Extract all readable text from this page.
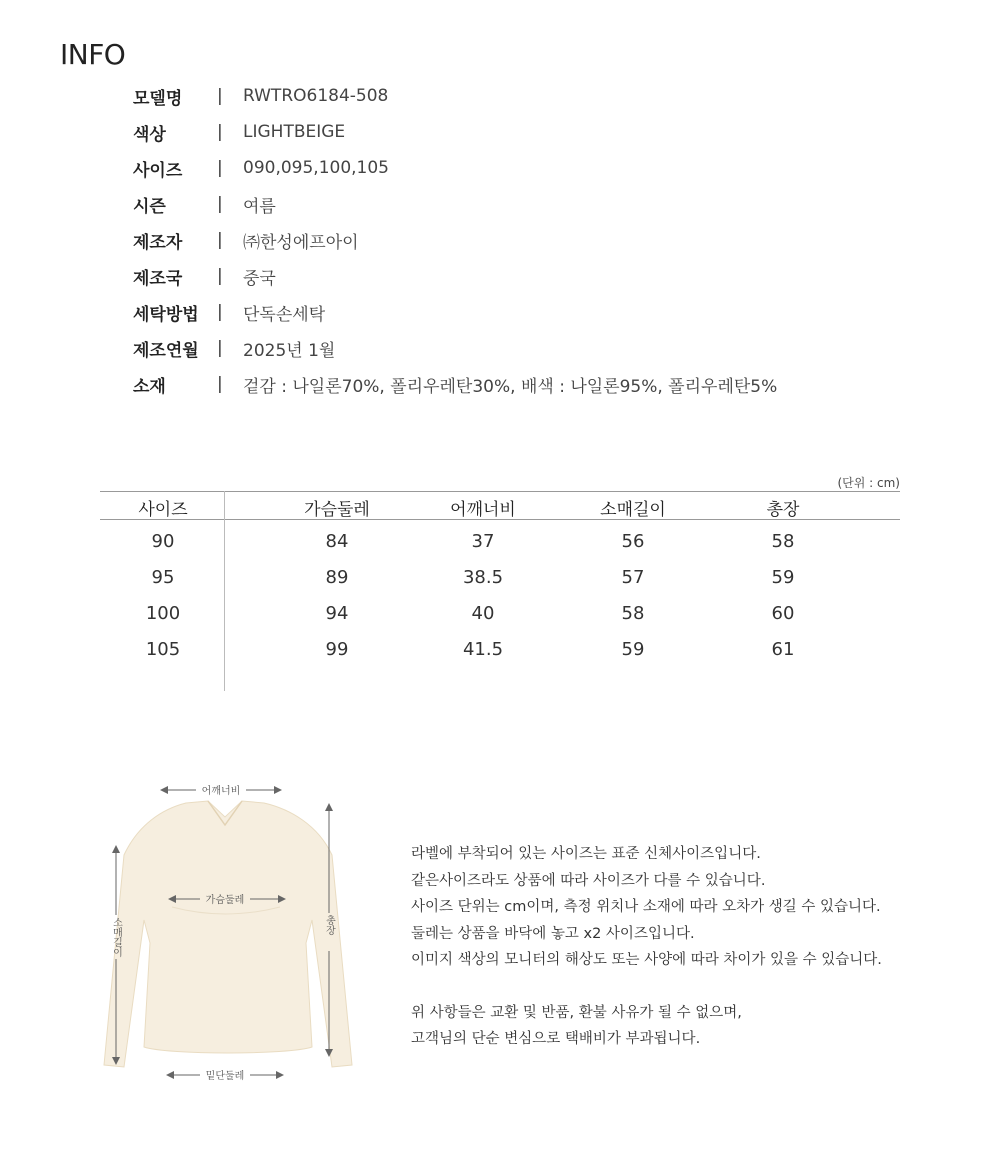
INFO
모델명	|	RWTRO6184-508
색상	|	LIGHTBEIGE
사이즈	|	090,095,100,105
시즌	|	여름
제조자	|	㈜한성에프아이
제조국	|	중국
세탁방법	|	단독손세탁
제조연월	|	2025년 1월
소재	|	겉감 : 나일론70%, 폴리우레탄30%, 배색 : 나일론95%, 폴리우레탄5%
(단위 : cm)
사이즈	가슴둘레	어깨너비	소매길이	총장
90	84	37	56	58
95	89	38.5	57	59
100	94	40	58	60
105	99	41.5	59	61
어깨너비
가슴둘레
소매길이	총장
밑단둘레
라벨에 부착되어 있는 사이즈는 표준 신체사이즈입니다.
같은사이즈라도 상품에 따라 사이즈가 다를 수 있습니다.
사이즈 단위는 cm이며, 측정 위치나 소재에 따라 오차가 생길 수 있습니다.
둘레는 상품을 바닥에 놓고 x2 사이즈입니다.
이미지 색상의 모니터의 해상도 또는 사양에 따라 차이가 있을 수 있습니다.
위 사항들은 교환 및 반품, 환불 사유가 될 수 없으며,
고객님의 단순 변심으로 택배비가 부과됩니다.
